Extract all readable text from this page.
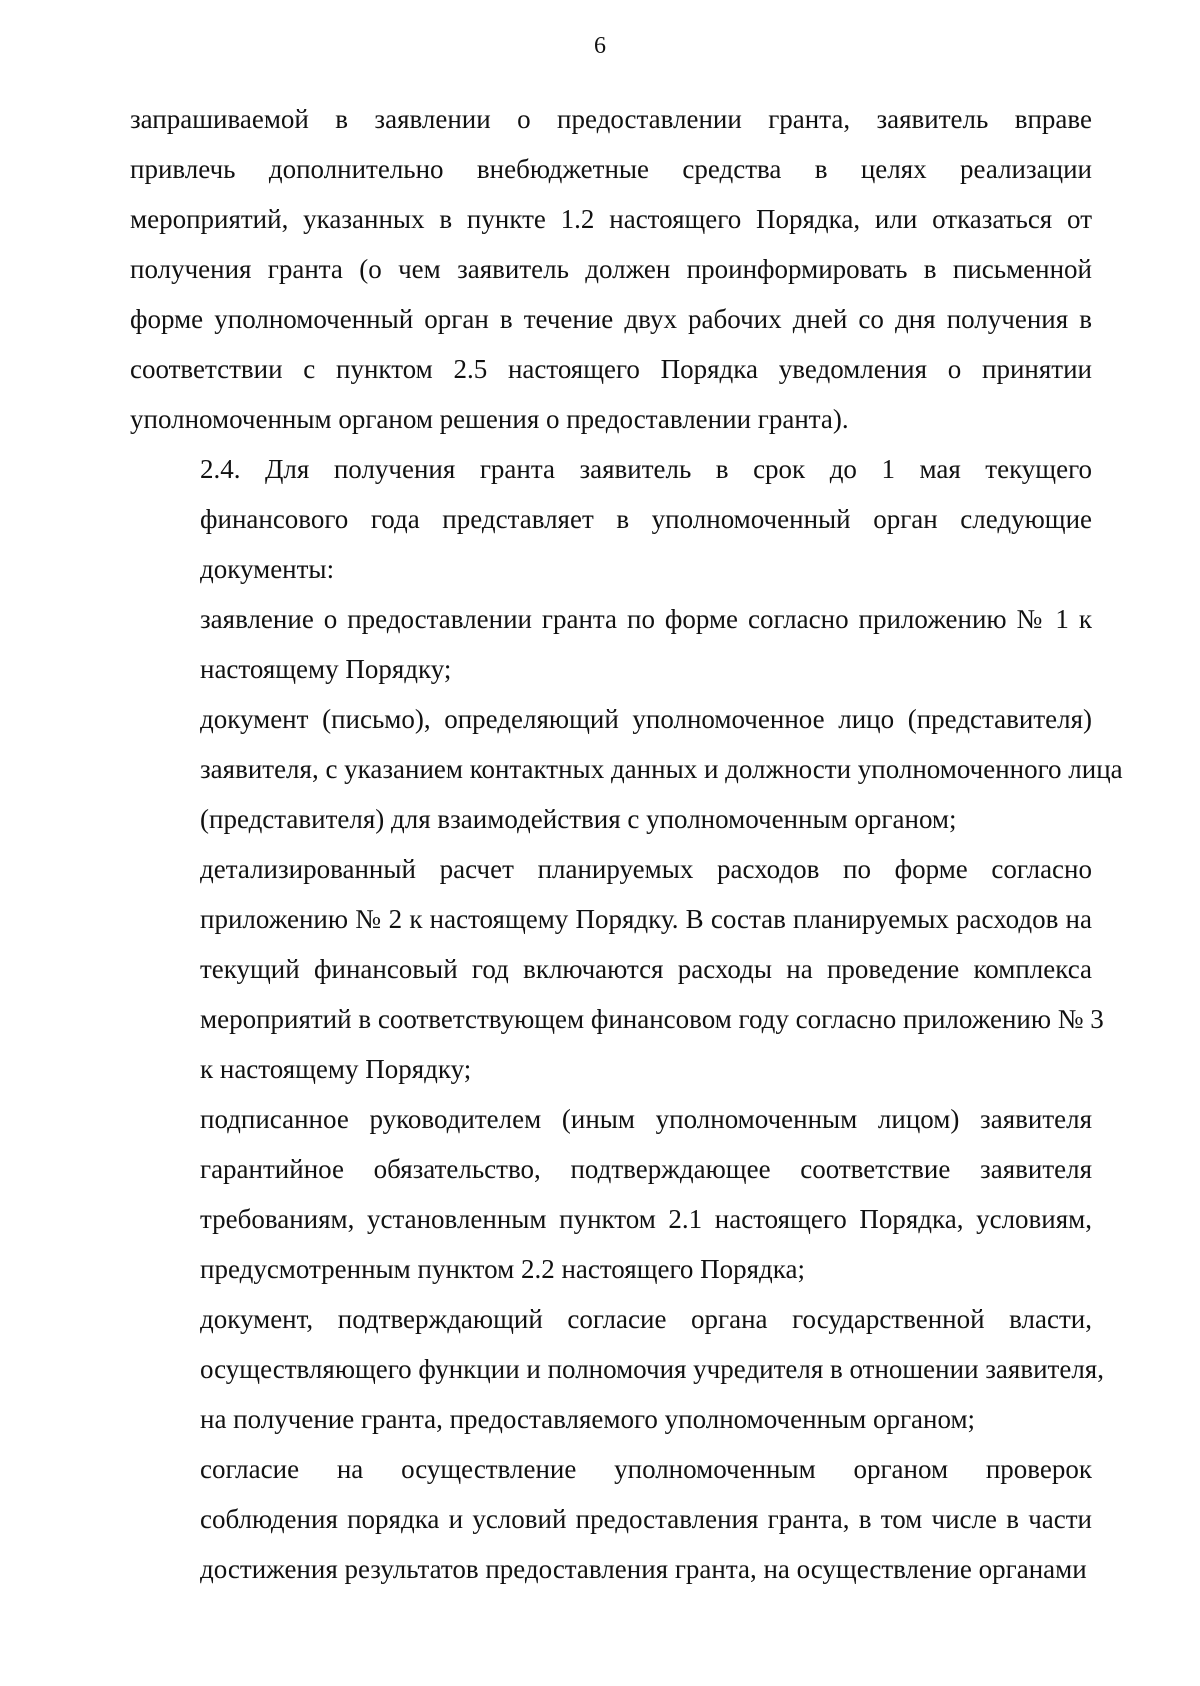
6

запрашиваемой в заявлении о предоставлении гранта, заявитель вправе
привлечь дополнительно внебюджетные средства в целях реализации
мероприятий, указанных в пункте 1.2 настоящего Порядка, или отказаться от
получения гранта (о чем заявитель должен проинформировать в письменной
форме уполномоченный орган в течение двух рабочих дней со дня получения в
соответствии с пунктом 2.5 настоящего Порядка уведомления о принятии
уполномоченным органом решения о предоставлении гранта).

2.4. Для получения гранта заявитель в срок до 1 мая текущего
финансового года представляет в уполномоченный орган следующие
документы:

заявление о предоставлении гранта по форме согласно приложению № 1 к
настоящему Порядку;

документ (письмо), определяющий уполномоченное лицо (представителя)
заявителя, с указанием контактных данных и должности уполномоченного лица
(представителя) для взаимодействия с уполномоченным органом;

детализированный расчет планируемых расходов по форме согласно
приложению № 2 к настоящему Порядку. В состав планируемых расходов на
текущий финансовый год включаются расходы на проведение комплекса
мероприятий в соответствующем финансовом году согласно приложению № 3
к настоящему Порядку;

подписанное руководителем (иным уполномоченным лицом) заявителя
гарантийное обязательство, подтверждающее соответствие заявителя
требованиям, установленным пунктом 2.1 настоящего Порядка, условиям,
предусмотренным пунктом 2.2 настоящего Порядка;

документ, подтверждающий согласие органа государственной власти,
осуществляющего функции и полномочия учредителя в отношении заявителя,
на получение гранта, предоставляемого уполномоченным органом;

согласие на осуществление уполномоченным органом проверок
соблюдения порядка и условий предоставления гранта, в том числе в части
достижения результатов предоставления гранта, на осуществление органами
